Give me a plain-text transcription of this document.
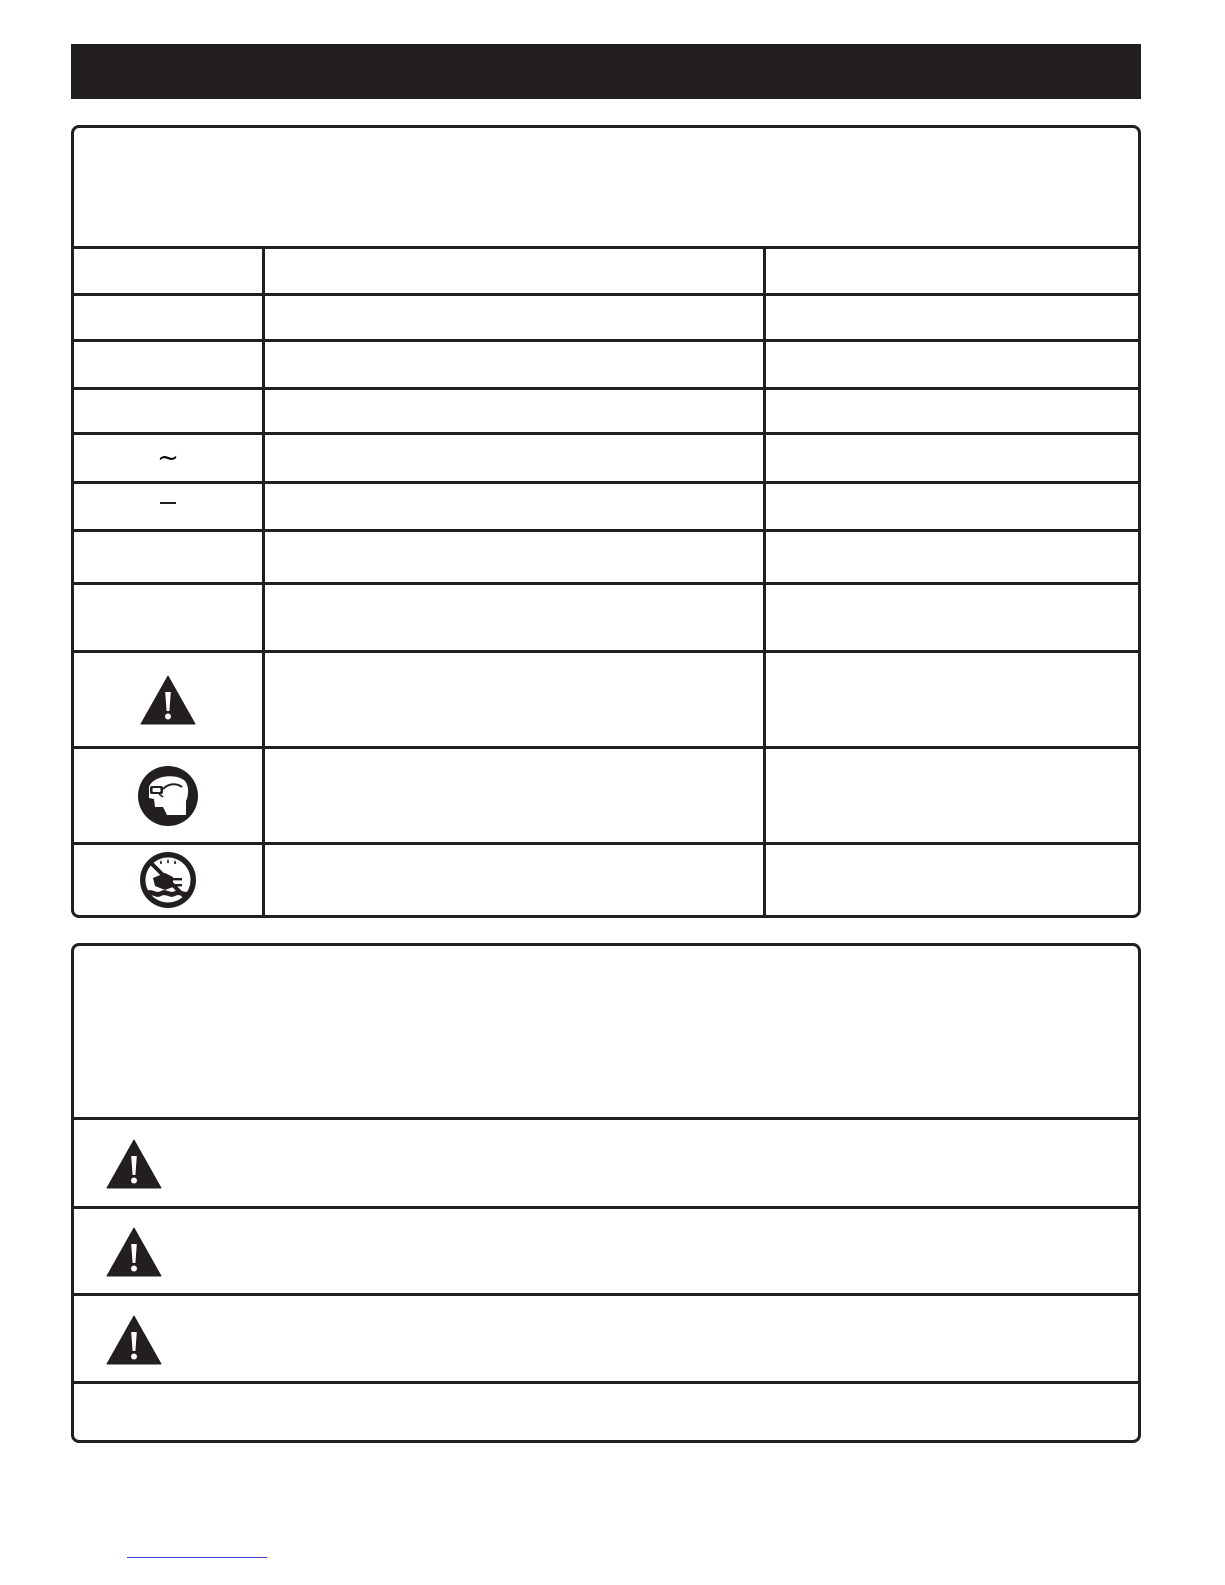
~
